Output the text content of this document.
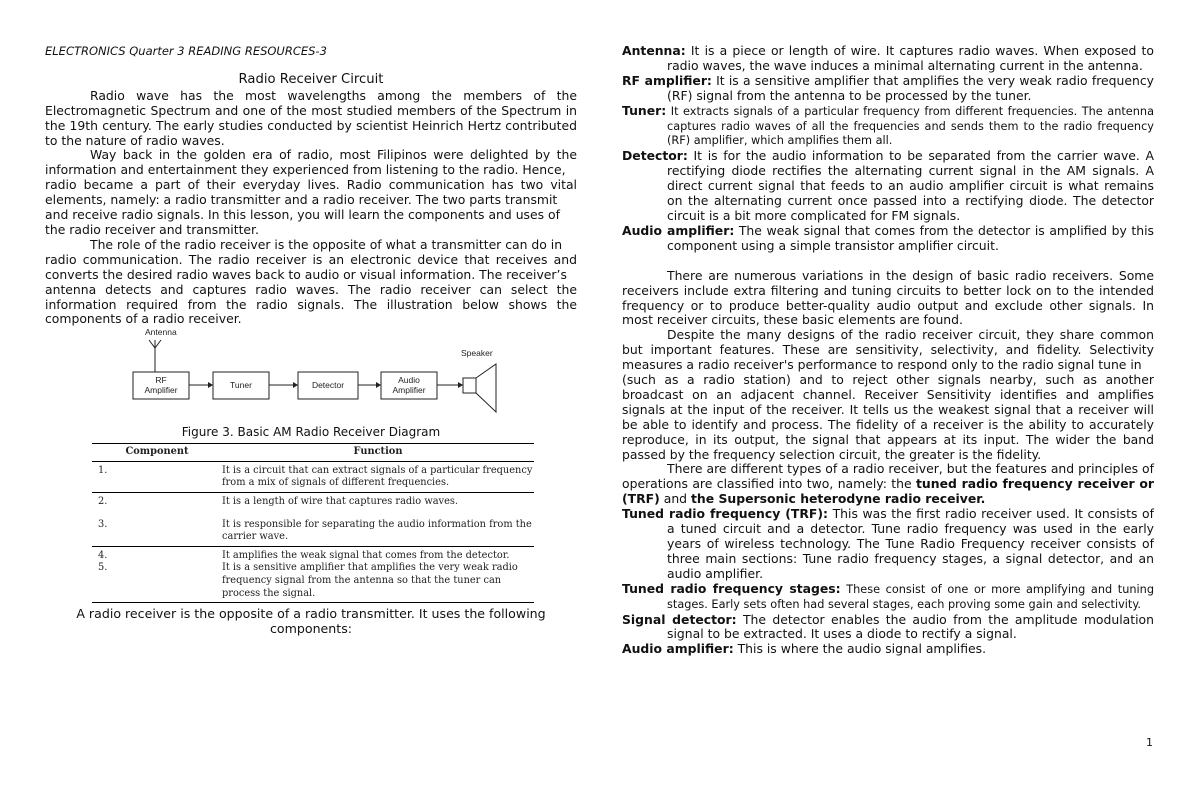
ELECTRONICS Quarter 3 READING RESOURCES-3

Radio Receiver Circuit

Radio wave has the most wavelengths among the members of the Electromagnetic Spectrum and one of the most studied members of the Spectrum in the 19th century. The early studies conducted by scientist Heinrich Hertz contributed to the nature of radio waves.

Way back in the golden era of radio, most Filipinos were delighted by the information and entertainment they experienced from listening to the radio. Hence,

radio became a part of their everyday lives. Radio communication has two vital elements, namely: a radio transmitter and a radio receiver. The two parts transmit

and receive radio signals. In this lesson, you will learn the components and uses of

the radio receiver and transmitter.

The role of the radio receiver is the opposite of what a transmitter can do in

radio communication. The radio receiver is an electronic device that receives and converts the desired radio waves back to audio or visual information. The receiver’s

antenna detects and captures radio waves. The radio receiver can select the information required from the radio signals. The illustration below shows the components of a radio receiver.

Antenna
Speaker
RF
Amplifier	Tuner	Detector	Audio
Amplifier

Figure 3. Basic AM Radio Receiver Diagram

Component	Function
1.	It is a circuit that can extract signals of a particular frequency from a mix of signals of different frequencies.
2.	It is a length of wire that captures radio waves.
3.	It is responsible for separating the audio information from the carrier wave.
4.	It amplifies the weak signal that comes from the detector.
5.	It is a sensitive amplifier that amplifies the very weak radio frequency signal from the antenna so that the tuner can process the signal.

A radio receiver is the opposite of a radio transmitter. It uses the following components:

Antenna: It is a piece or length of wire. It captures radio waves. When exposed to radio waves, the wave induces a minimal alternating current in the antenna.

RF amplifier: It is a sensitive amplifier that amplifies the very weak radio frequency (RF) signal from the antenna to be processed by the tuner.

Tuner: It extracts signals of a particular frequency from different frequencies. The antenna captures radio waves of all the frequencies and sends them to the radio frequency (RF) amplifier, which amplifies them all.

Detector: It is for the audio information to be separated from the carrier wave. A rectifying diode rectifies the alternating current signal in the AM signals. A direct current signal that feeds to an audio amplifier circuit is what remains on the alternating current once passed into a rectifying diode. The detector circuit is a bit more complicated for FM signals.

Audio amplifier: The weak signal that comes from the detector is amplified by this component using a simple transistor amplifier circuit.

There are numerous variations in the design of basic radio receivers. Some receivers include extra filtering and tuning circuits to better lock on to the intended frequency or to produce better-quality audio output and exclude other signals. In most receiver circuits, these basic elements are found.

Despite the many designs of the radio receiver circuit, they share common but important features. These are sensitivity, selectivity, and fidelity. Selectivity measures a radio receiver's performance to respond only to the radio signal tune in

(such as a radio station) and to reject other signals nearby, such as another broadcast on an adjacent channel. Receiver Sensitivity identifies and amplifies signals at the input of the receiver. It tells us the weakest signal that a receiver will be able to identify and process. The fidelity of a receiver is the ability to accurately reproduce, in its output, the signal that appears at its input. The wider the band passed by the frequency selection circuit, the greater is the fidelity.

There are different types of a radio receiver, but the features and principles of operations are classified into two, namely: the tuned radio frequency receiver or (TRF) and the Supersonic heterodyne radio receiver.

Tuned radio frequency (TRF): This was the first radio receiver used. It consists of a tuned circuit and a detector. Tune radio frequency was used in the early years of wireless technology. The Tune Radio Frequency receiver consists of three main sections: Tune radio frequency stages, a signal detector, and an audio amplifier.

Tuned radio frequency stages: These consist of one or more amplifying and tuning stages. Early sets often had several stages, each proving some gain and selectivity.

Signal detector: The detector enables the audio from the amplitude modulation signal to be extracted. It uses a diode to rectify a signal.

Audio amplifier: This is where the audio signal amplifies.

1
